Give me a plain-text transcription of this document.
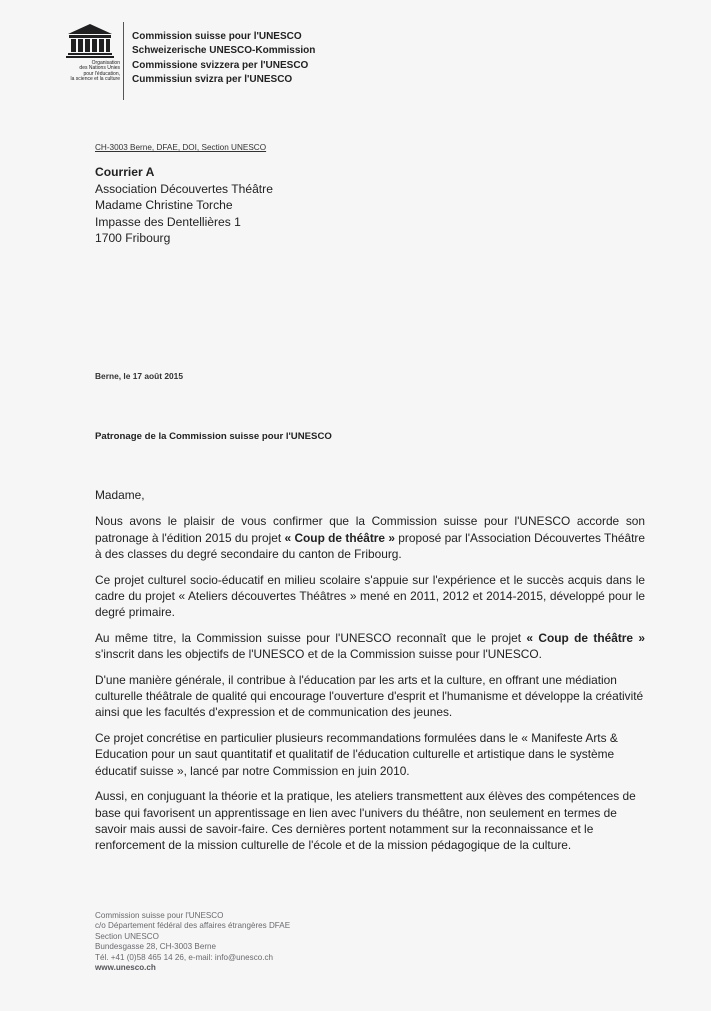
Organisation
des Nations Unies
pour l'éducation,
la science et la culture
Commission suisse pour l'UNESCO
Schweizerische UNESCO-Kommission
Commissione svizzera per l'UNESCO
Cummissiun svizra per l'UNESCO
CH-3003 Berne, DFAE, DOI, Section UNESCO
Courrier A
Association Découvertes Théâtre
Madame Christine Torche
Impasse des Dentellières 1
1700 Fribourg
Berne, le 17 août 2015
Patronage de la Commission suisse pour l'UNESCO
Madame,

Nous avons le plaisir de vous confirmer que la Commission suisse pour l'UNESCO accorde son patronage à l'édition 2015 du projet « Coup de théâtre » proposé par l'Association Découvertes Théâtre à des classes du degré secondaire du canton de Fribourg.

Ce projet culturel socio-éducatif en milieu scolaire s'appuie sur l'expérience et le succès acquis dans le cadre du projet « Ateliers découvertes Théâtres » mené en 2011, 2012 et 2014-2015, développé pour le degré primaire.

Au même titre, la Commission suisse pour l'UNESCO reconnaît que le projet « Coup de théâtre » s'inscrit dans les objectifs de l'UNESCO et de la Commission suisse pour l'UNESCO.

D'une manière générale, il contribue à l'éducation par les arts et la culture, en offrant une médiation culturelle théâtrale de qualité qui encourage l'ouverture d'esprit et l'humanisme et développe la créativité ainsi que les facultés d'expression et de communication des jeunes.

Ce projet concrétise en particulier plusieurs recommandations formulées dans le « Manifeste Arts & Education pour un saut quantitatif et qualitatif de l'éducation culturelle et artistique dans le système éducatif suisse », lancé par notre Commission en juin 2010.

Aussi, en conjuguant la théorie et la pratique, les ateliers transmettent aux élèves des compétences de base qui favorisent un apprentissage en lien avec l'univers du théâtre, non seulement en termes de savoir mais aussi de savoir-faire. Ces dernières portent notamment sur la reconnaissance et le renforcement de la mission culturelle de l'école et de la mission pédagogique de la culture.

Commission suisse pour l'UNESCO
c/o Département fédéral des affaires étrangères DFAE
Section UNESCO
Bundesgasse 28, CH-3003 Berne
Tél. +41 (0)58 465 14 26, e-mail: info@unesco.ch
www.unesco.ch
